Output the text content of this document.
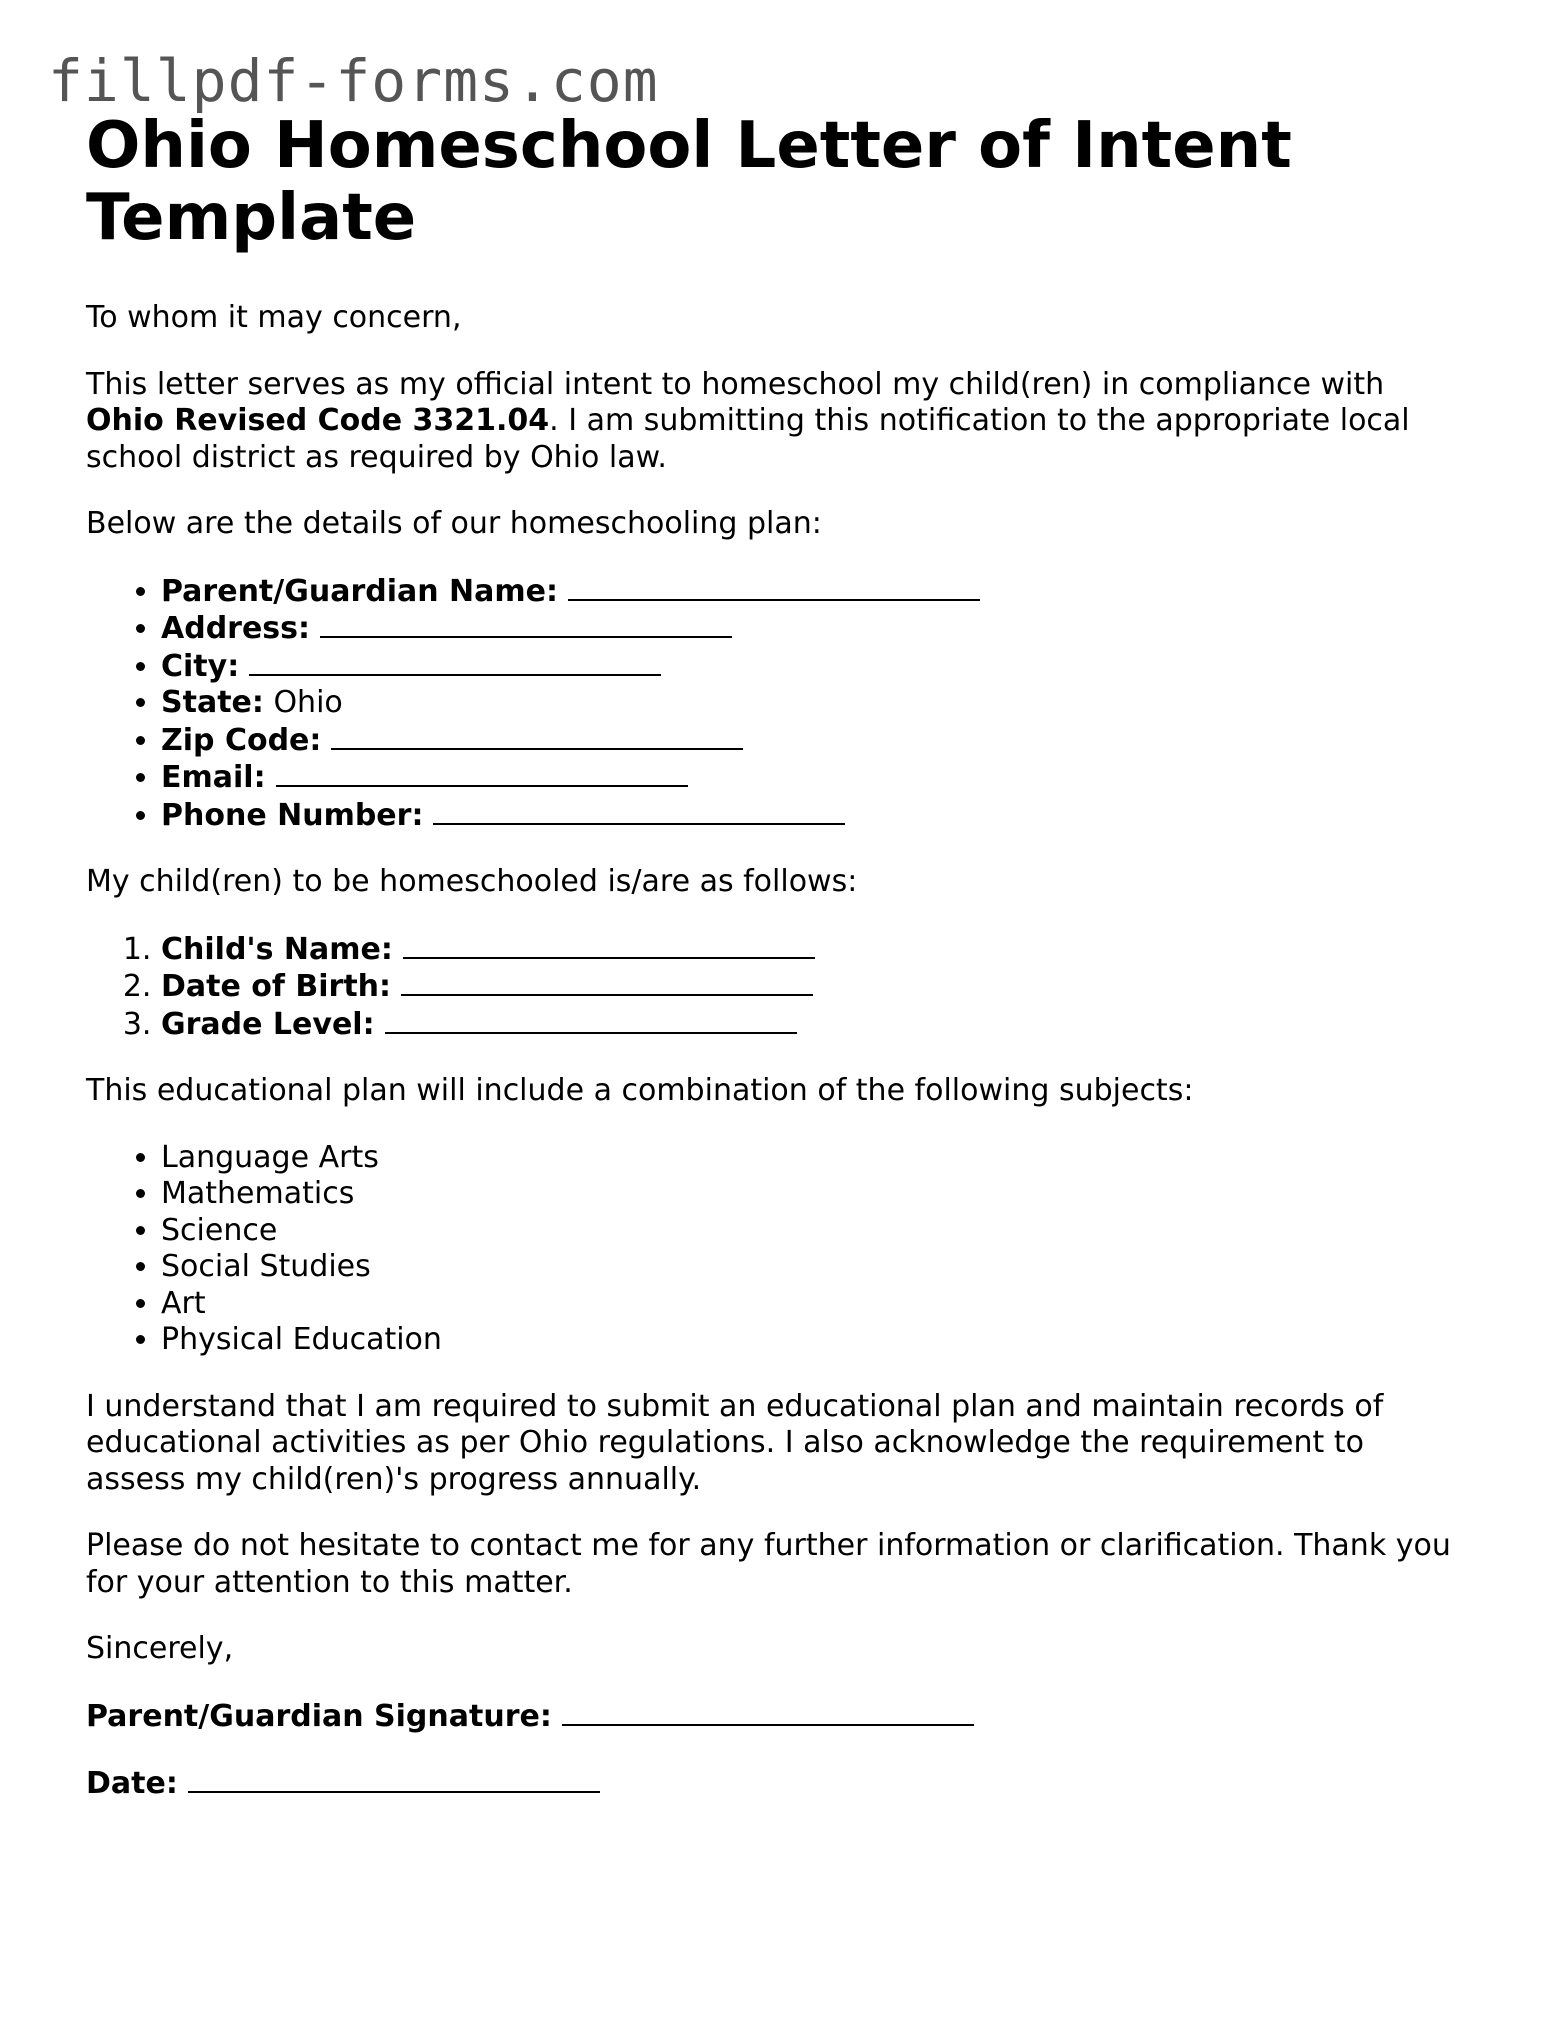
fillpdf-forms.com
Ohio Homeschool Letter of Intent Template

To whom it may concern,

This letter serves as my official intent to homeschool my child(ren) in compliance with Ohio Revised Code 3321.04. I am submitting this notification to the appropriate local school district as required by Ohio law.

Below are the details of our homeschooling plan:

• Parent/Guardian Name:
• Address:
• City:
• State: Ohio
• Zip Code:
• Email:
• Phone Number:

My child(ren) to be homeschooled is/are as follows:

1. Child's Name:
2. Date of Birth:
3. Grade Level:

This educational plan will include a combination of the following subjects:

• Language Arts
• Mathematics
• Science
• Social Studies
• Art
• Physical Education

I understand that I am required to submit an educational plan and maintain records of educational activities as per Ohio regulations. I also acknowledge the requirement to assess my child(ren)'s progress annually.

Please do not hesitate to contact me for any further information or clarification. Thank you for your attention to this matter.

Sincerely,

Parent/Guardian Signature:

Date:
